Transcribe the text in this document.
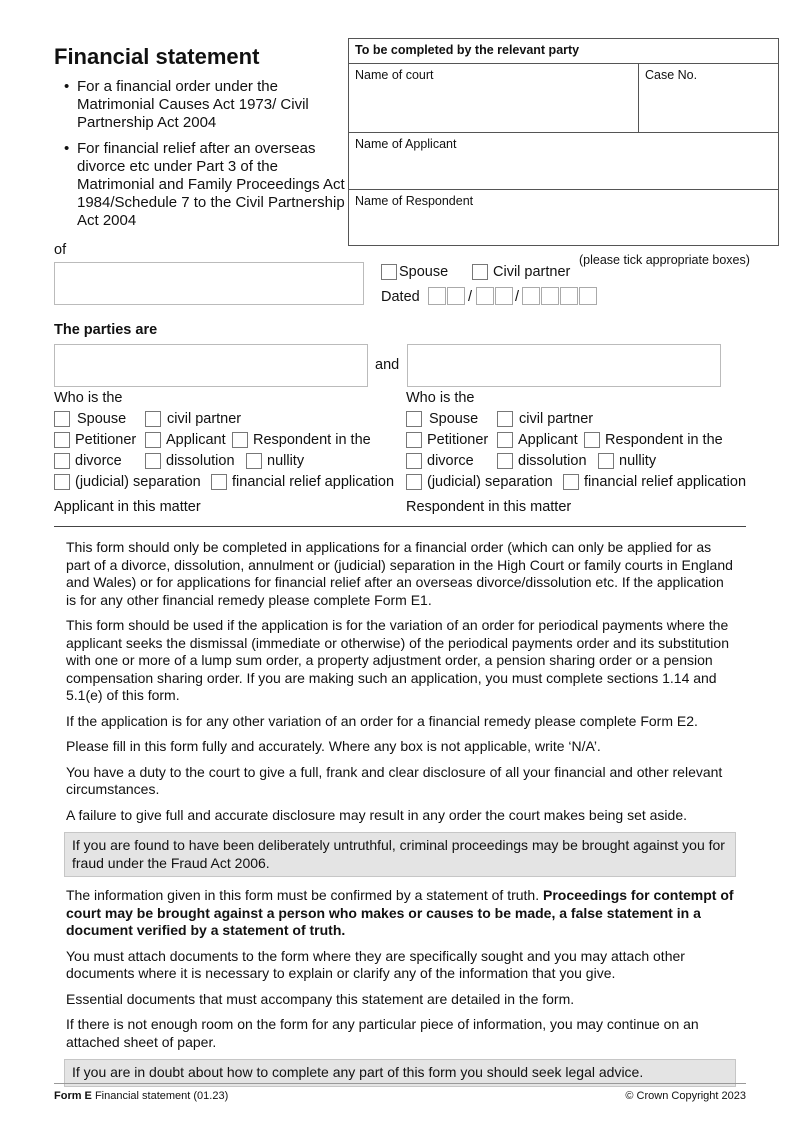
Financial statement
• For a financial order under the Matrimonial Causes Act 1973/ Civil Partnership Act 2004
• For financial relief after an overseas divorce etc under Part 3 of the Matrimonial and Family Proceedings Act 1984/Schedule 7 to the Civil Partnership Act 2004
To be completed by the relevant party
Name of court	Case No.
Name of Applicant
Name of Respondent
of
Spouse	Civil partner
(please tick appropriate boxes)
Dated	/	/
The parties are
and
Who is the
Spouse	civil partner
Petitioner Applicant Respondent in the
divorce	dissolution nullity
(judicial) separation financial relief application
Applicant in this matter
Who is the
Spouse	civil partner
Petitioner Applicant Respondent in the
divorce	dissolution nullity
(judicial) separation financial relief application
Respondent in this matter

This form should only be completed in applications for a financial order (which can only be applied for as part of a divorce, dissolution, annulment or (judicial) separation in the High Court or family courts in England and Wales) or for applications for financial relief after an overseas divorce/dissolution etc. If the application is for any other financial remedy please complete Form E1.

This form should be used if the application is for the variation of an order for periodical payments where the applicant seeks the dismissal (immediate or otherwise) of the periodical payments order and its substitution with one or more of a lump sum order, a property adjustment order, a pension sharing order or a pension compensation sharing order. If you are making such an application, you must complete sections 1.14 and 5.1(e) of this form.

If the application is for any other variation of an order for a financial remedy please complete Form E2.

Please fill in this form fully and accurately. Where any box is not applicable, write ‘N/A’.

You have a duty to the court to give a full, frank and clear disclosure of all your financial and other relevant circumstances.

A failure to give full and accurate disclosure may result in any order the court makes being set aside.

If you are found to have been deliberately untruthful, criminal proceedings may be brought against you for fraud under the Fraud Act 2006.

The information given in this form must be confirmed by a statement of truth. Proceedings for contempt of court may be brought against a person who makes or causes to be made, a false statement in a document verified by a statement of truth.

You must attach documents to the form where they are specifically sought and you may attach other documents where it is necessary to explain or clarify any of the information that you give.

Essential documents that must accompany this statement are detailed in the form.

If there is not enough room on the form for any particular piece of information, you may continue on an attached sheet of paper.

If you are in doubt about how to complete any part of this form you should seek legal advice.
Form E Financial statement (01.23)	© Crown Copyright 2023
